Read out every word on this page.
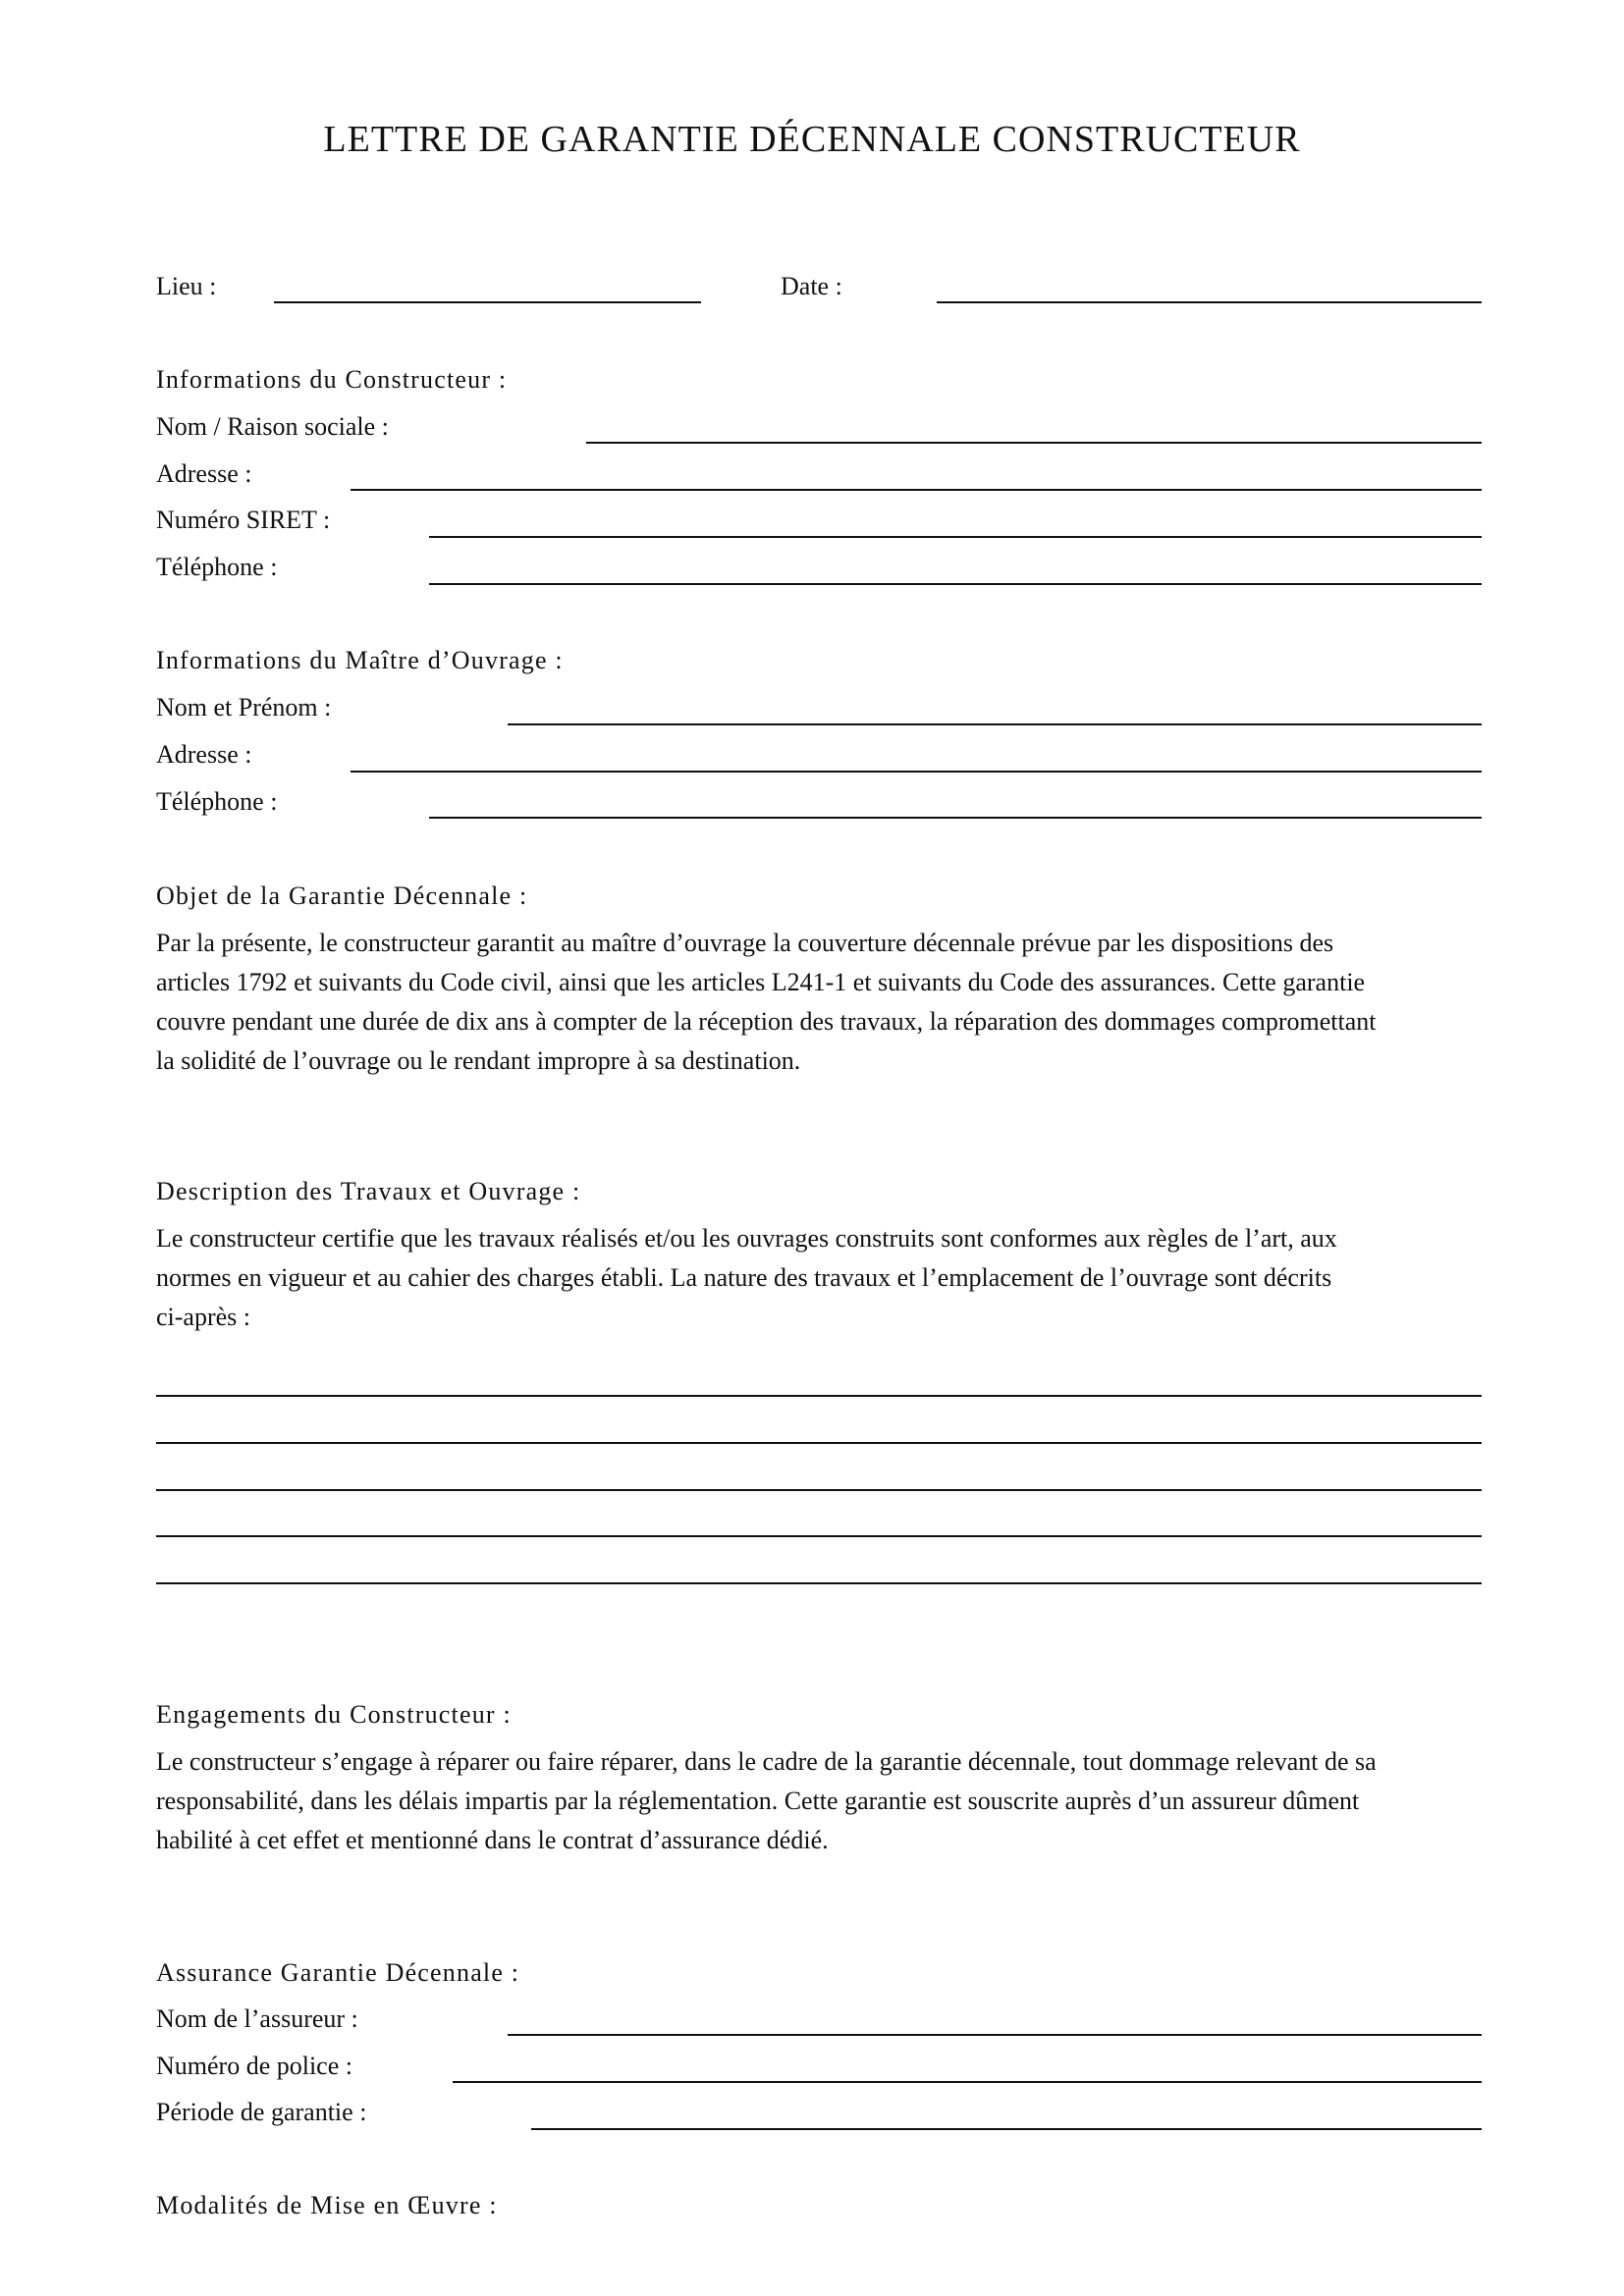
LETTRE DE GARANTIE DÉCENNALE CONSTRUCTEUR
Lieu :	Date :
Informations du Constructeur :
Nom / Raison sociale :
Adresse :
Numéro SIRET :
Téléphone :
Informations du Maître d’Ouvrage :
Nom et Prénom :
Adresse :
Téléphone :
Objet de la Garantie Décennale :
Par la présente, le constructeur garantit au maître d’ouvrage la couverture décennale prévue par les dispositions des
articles 1792 et suivants du Code civil, ainsi que les articles L241-1 et suivants du Code des assurances. Cette garantie
couvre pendant une durée de dix ans à compter de la réception des travaux, la réparation des dommages compromettant
la solidité de l’ouvrage ou le rendant impropre à sa destination.
Description des Travaux et Ouvrage :
Le constructeur certifie que les travaux réalisés et/ou les ouvrages construits sont conformes aux règles de l’art, aux
normes en vigueur et au cahier des charges établi. La nature des travaux et l’emplacement de l’ouvrage sont décrits
ci-après :
Engagements du Constructeur :
Le constructeur s’engage à réparer ou faire réparer, dans le cadre de la garantie décennale, tout dommage relevant de sa
responsabilité, dans les délais impartis par la réglementation. Cette garantie est souscrite auprès d’un assureur dûment
habilité à cet effet et mentionné dans le contrat d’assurance dédié.
Assurance Garantie Décennale :
Nom de l’assureur :
Numéro de police :
Période de garantie :
Modalités de Mise en Œuvre :
